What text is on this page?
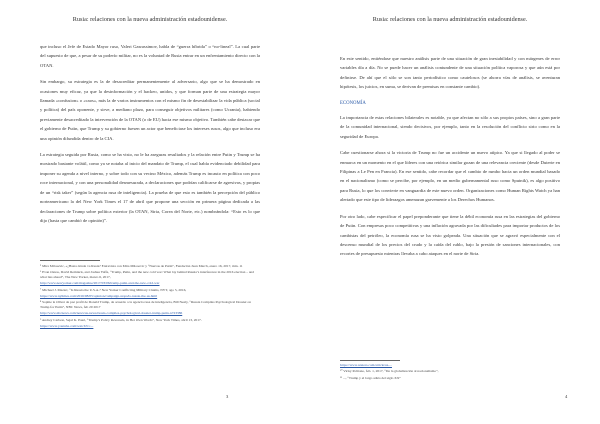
Rusia: relaciones con la nueva administración estadounidense.

que incluso el Jefe de Estado Mayor ruso, Valeri Gasrassimov, habla de “guerra híbrida” o “no-lineal”. La cual parte del supuesto de que, a pesar de su poderío militar, no es la voluntad de Rusia entrar en un enfrentamiento directo con la OTAN.

Sin embargo, su estrategia es la de desacreditar permanentemente al adversario, algo que se ha demostrado en ocasiones muy eficaz, ya que la desinformación y el hackeo, unidos, y que forman parte de una estrategia mayor llamada «confusion» o «caos», más la de varios instrumentos con el mismo fin de desestabilizar la vida pública (social y política) del país oponente, y sirve, a mediano plazo, para conseguir objetivos militares (como Ucrania), habiendo previamente desacreditado la intervención de la OTAN (o de EU) hacia ese mismo objetivo. También cabe destacar que el gobierno de Putin, que Trump y su gobierno fuesen un actor que beneficiase los intereses rusos, algo que incluso era una opinión difundida dentro de la CIA.

La estrategia seguida por Rusia, como se ha visto, no le ha aseguras resultados y la relación entre Putin y Trump se ha mostrado bastante volátil, como ya se notaba al inicio del mandato de Trump, el cual había evidenciado debilidad para imponer su agenda a nivel interno, y sobre todo con su vecino México, además Trump es incauto en política con poco roce internacional, y con una personalidad desmesurada, a declaraciones que podrían calificarse de agresivas, y propias de un “risk taker” (según la agencia rusa de inteligencia). La prueba de que esto es también la percepción del público norteamericano la del New York Times el 17 de abril que propone una sección en primera página dedicada a las declaraciones de Trump sobre política exterior (la OTAN, Siria, Corea del Norte, etc.) nombrándola: “Esto es lo que dijo (hasta que cambió de opinión)”.

⁵ Mira Milosevic, «¿Hasta dónde va Rusia? Entrevista con Mira Milosevic y “Nuevas de Putin”, Fundación Juan March, enero 16, 2017, min. 11
⁶ Evan Osnos, David Remnick, and Joshua Yaffa, “Trump, Putin, and the new cold war: What lay behind Russia’s interference in the 2016 election – and what lies ahead”, The New Yorker, marzo 6, 2017,
http://www.newyorker.com/magazine/2017/03/06/trump-putin-and-the-new-cold-war
⁷ Michael J. Mazarr, “Is Russia the U.S.A.? New Yorker Conflicting Military Claims, NYT, ago 5, 2016,
https://www.nytimes.com/2016/08/05/opinion/campaign-stops/is-russia-the-us.html
⁸ Sophie le Oliver de paz profil de Donald Trump, de acuerdo a la agencia rusa de inteligencia, Bill Neely, “Russia Compiles Psychological Dossier on Trump for Putin”, NBC News, feb 20 2017
http://www.nbcnews.com/news/us-news/russia-compiles-psychological-dossier-trump-putin-n723386
⁹ Andrey Carlson, Sejal K. Patel, “Trump’s Policy Reversals, in Her Own Words”, New York Times, abril 13, 2017.
https://www.youtube.com/watch?v=...
3
Rusia: relaciones con la nueva administración estadounidense.

En este sentido, entiéndase que nuestro análisis parte de una situación de gran inestabilidad y con márgenes de error variables día a día. No se puede hacer un análisis contundente de una situación política vaporosa y que aún está por definirse. De ahí que el sólo se son tanto periodístico como cautelosos (se ahorra vías de análisis, se aventuran hipótesis, los juicios, en suma, se derivan de premisas en constante cambio).

ECONOMÍA

La importancia de estas relaciones bilaterales es notable, ya que afectan no sólo a sus propios países, sino a gran parte de la comunidad internacional, siendo decisivos, por ejemplo, tanto en la resolución del conflicto sirio como en la seguridad de Europa.

Cabe cuestionarse ahora si la victoria de Trump no fue un accidente un nuevo atípico. Ya que si llegado al poder se enmarca en un momento en el que líderes con una retórica similar gozan de una relevancia creciente (desde Duterte en Filipinas a Le Pen en Francia). En ese sentido, cabe recordar que el cambio de rumbo hacia un orden mundial basado en el nacionalismo (como se percibe, por ejemplo, en un medio gubernamental ruso como Sputnik), es algo positivo para Rusia, lo que los convierte en vanguardia de este nuevo orden. Organizaciones como Human Rights Watch ya han alertado que este tipo de liderazgos amenazan gravemente a los Derechos Humanos.

Por otro lado, cabe especificar el papel preponderante que tiene la débil economía rusa en las estrategias del gobierno de Putin. Con empresas poco competitivas y una inflación agravada por las dificultades para importar productos de los cambistas del petróleo, la economía rusa se ha visto golpeada. Una situación que se agravó especialmente con el descenso mundial de los precios del crudo y la caída del rublo, bajo la presión de sanciones internacionales, con recortes de presupuesto mientras llevaba a cabo ataques en el norte de Siria.

https://www.reuters.com/article/us-...
¹⁰ Vicky Politano, feb. 1, 2017, “De la globalización al nacionalismo”,
¹¹ ..., “Trump y el largo adiós del siglo XX”
4
